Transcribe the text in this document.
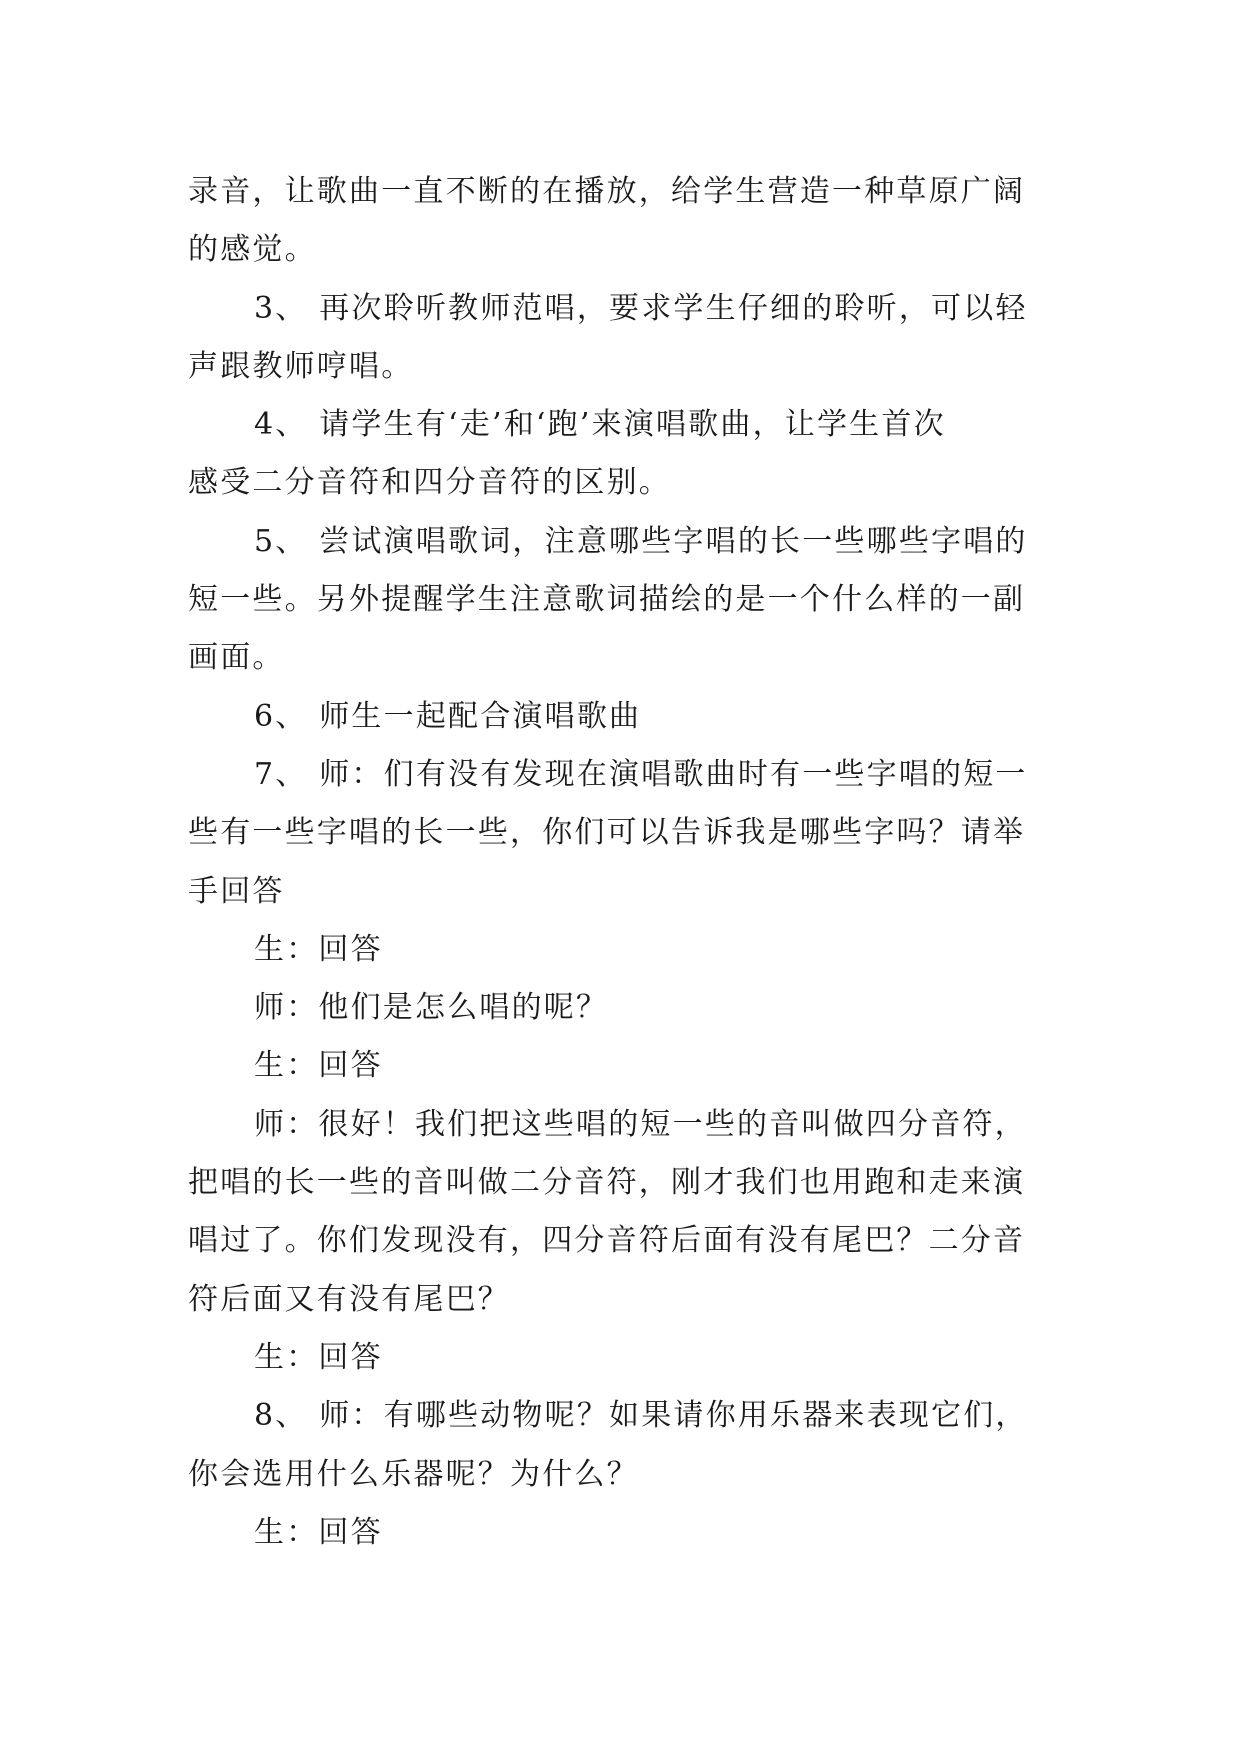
录音，让歌曲一直不断的在播放，给学生营造一种草原广阔
的感觉。
3、 再次聆听教师范唱，要求学生仔细的聆听，可以轻
声跟教师哼唱。
4、 请学生有‘走’和‘跑’来演唱歌曲，让学生首次
感受二分音符和四分音符的区别。
5、 尝试演唱歌词，注意哪些字唱的长一些哪些字唱的
短一些。另外提醒学生注意歌词描绘的是一个什么样的一副
画面。
6、 师生一起配合演唱歌曲
7、 师：们有没有发现在演唱歌曲时有一些字唱的短一
些有一些字唱的长一些，你们可以告诉我是哪些字吗？请举
手回答
生：回答
师：他们是怎么唱的呢？
生：回答
师：很好！我们把这些唱的短一些的音叫做四分音符，
把唱的长一些的音叫做二分音符，刚才我们也用跑和走来演
唱过了。你们发现没有，四分音符后面有没有尾巴？二分音
符后面又有没有尾巴？
生：回答
8、 师：有哪些动物呢？如果请你用乐器来表现它们，
你会选用什么乐器呢？为什么？
生：回答
